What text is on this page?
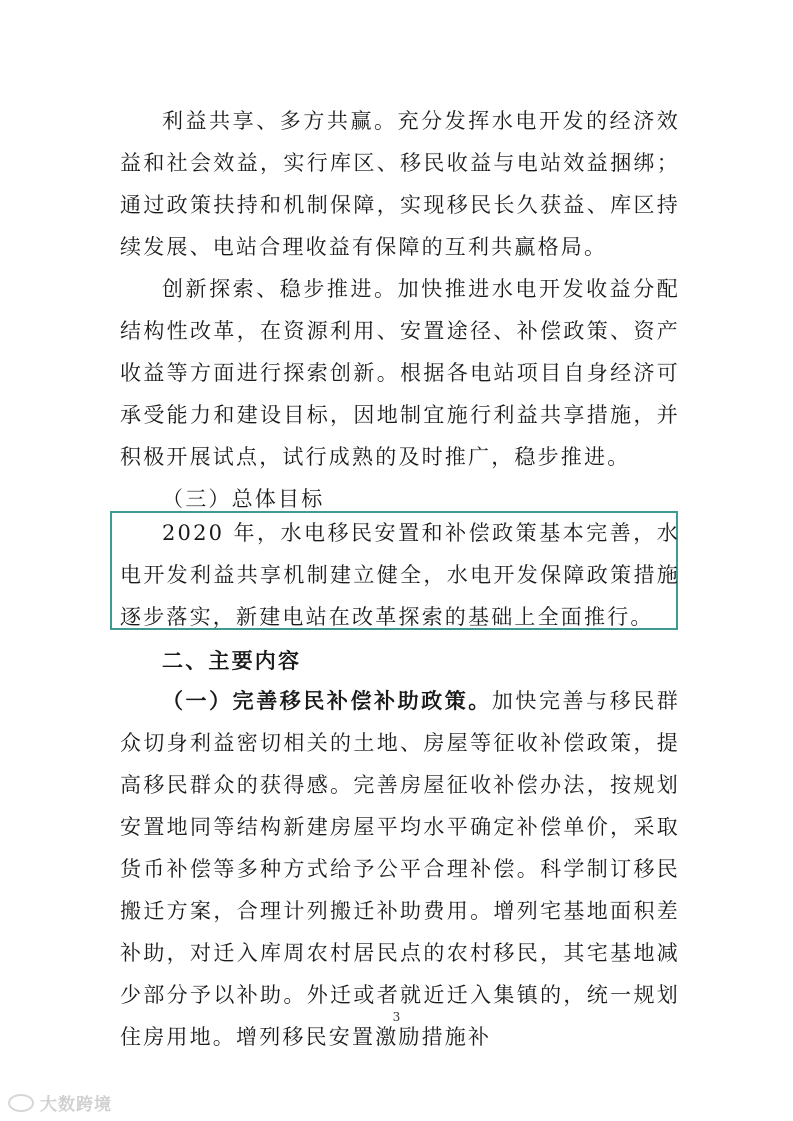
利益共享、多方共赢。充分发挥水电开发的经济效益和社会效益，实行库区、移民收益与电站效益捆绑；通过政策扶持和机制保障，实现移民长久获益、库区持续发展、电站合理收益有保障的互利共赢格局。

创新探索、稳步推进。加快推进水电开发收益分配结构性改革，在资源利用、安置途径、补偿政策、资产收益等方面进行探索创新。根据各电站项目自身经济可承受能力和建设目标，因地制宜施行利益共享措施，并积极开展试点，试行成熟的及时推广，稳步推进。

（三）总体目标

2020 年，水电移民安置和补偿政策基本完善，水电开发利益共享机制建立健全，水电开发保障政策措施逐步落实，新建电站在改革探索的基础上全面推行。

二、主要内容

（一）完善移民补偿补助政策。加快完善与移民群众切身利益密切相关的土地、房屋等征收补偿政策，提高移民群众的获得感。完善房屋征收补偿办法，按规划安置地同等结构新建房屋平均水平确定补偿单价，采取货币补偿等多种方式给予公平合理补偿。科学制订移民搬迁方案，合理计列搬迁补助费用。增列宅基地面积差补助，对迁入库周农村居民点的农村移民，其宅基地减少部分予以补助。外迁或者就近迁入集镇的，统一规划住房用地。增列移民安置激励措施补

3
大数跨境
